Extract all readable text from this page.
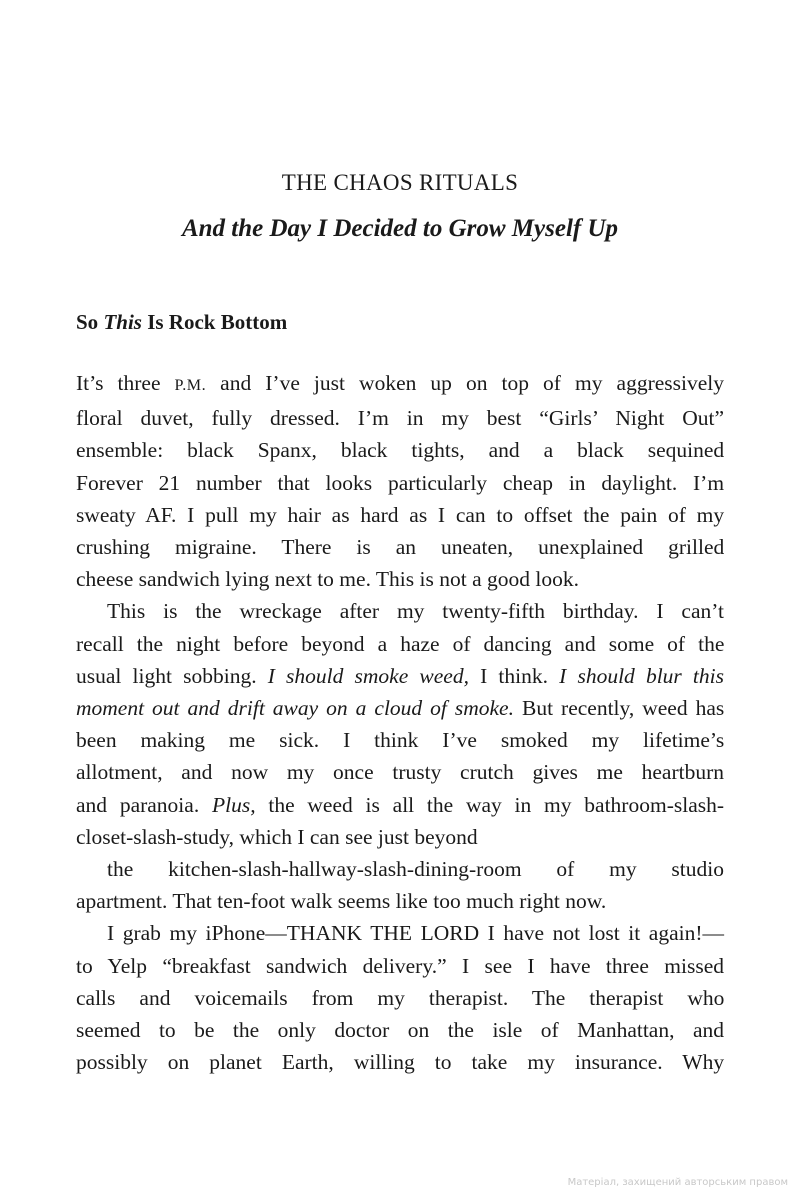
THE CHAOS RITUALS
And the Day I Decided to Grow Myself Up
So This Is Rock Bottom
It’s three P.M. and I’ve just woken up on top of my aggressively
floral duvet, fully dressed. I’m in my best “Girls’ Night Out”
ensemble: black Spanx, black tights, and a black sequined
Forever 21 number that looks particularly cheap in daylight. I’m
sweaty AF. I pull my hair as hard as I can to offset the pain of my
crushing migraine. There is an uneaten, unexplained grilled
cheese sandwich lying next to me. This is not a good look.
This is the wreckage after my twenty-fifth birthday. I can’t
recall the night before beyond a haze of dancing and some of the
usual light sobbing. I should smoke weed, I think. I should blur this
moment out and drift away on a cloud of smoke. But recently, weed has
been making me sick. I think I’ve smoked my lifetime’s
allotment, and now my once trusty crutch gives me heartburn
and paranoia. Plus, the weed is all the way in my bathroom-slash-
closet-slash-study, which I can see just beyond
the kitchen-slash-hallway-slash-dining-room of my studio
apartment. That ten-foot walk seems like too much right now.
I grab my iPhone—THANK THE LORD I have not lost it again!—
to Yelp “breakfast sandwich delivery.” I see I have three missed
calls and voicemails from my therapist. The therapist who
seemed to be the only doctor on the isle of Manhattan, and
possibly on planet Earth, willing to take my insurance. Why
Матеріал, захищений авторським правом
